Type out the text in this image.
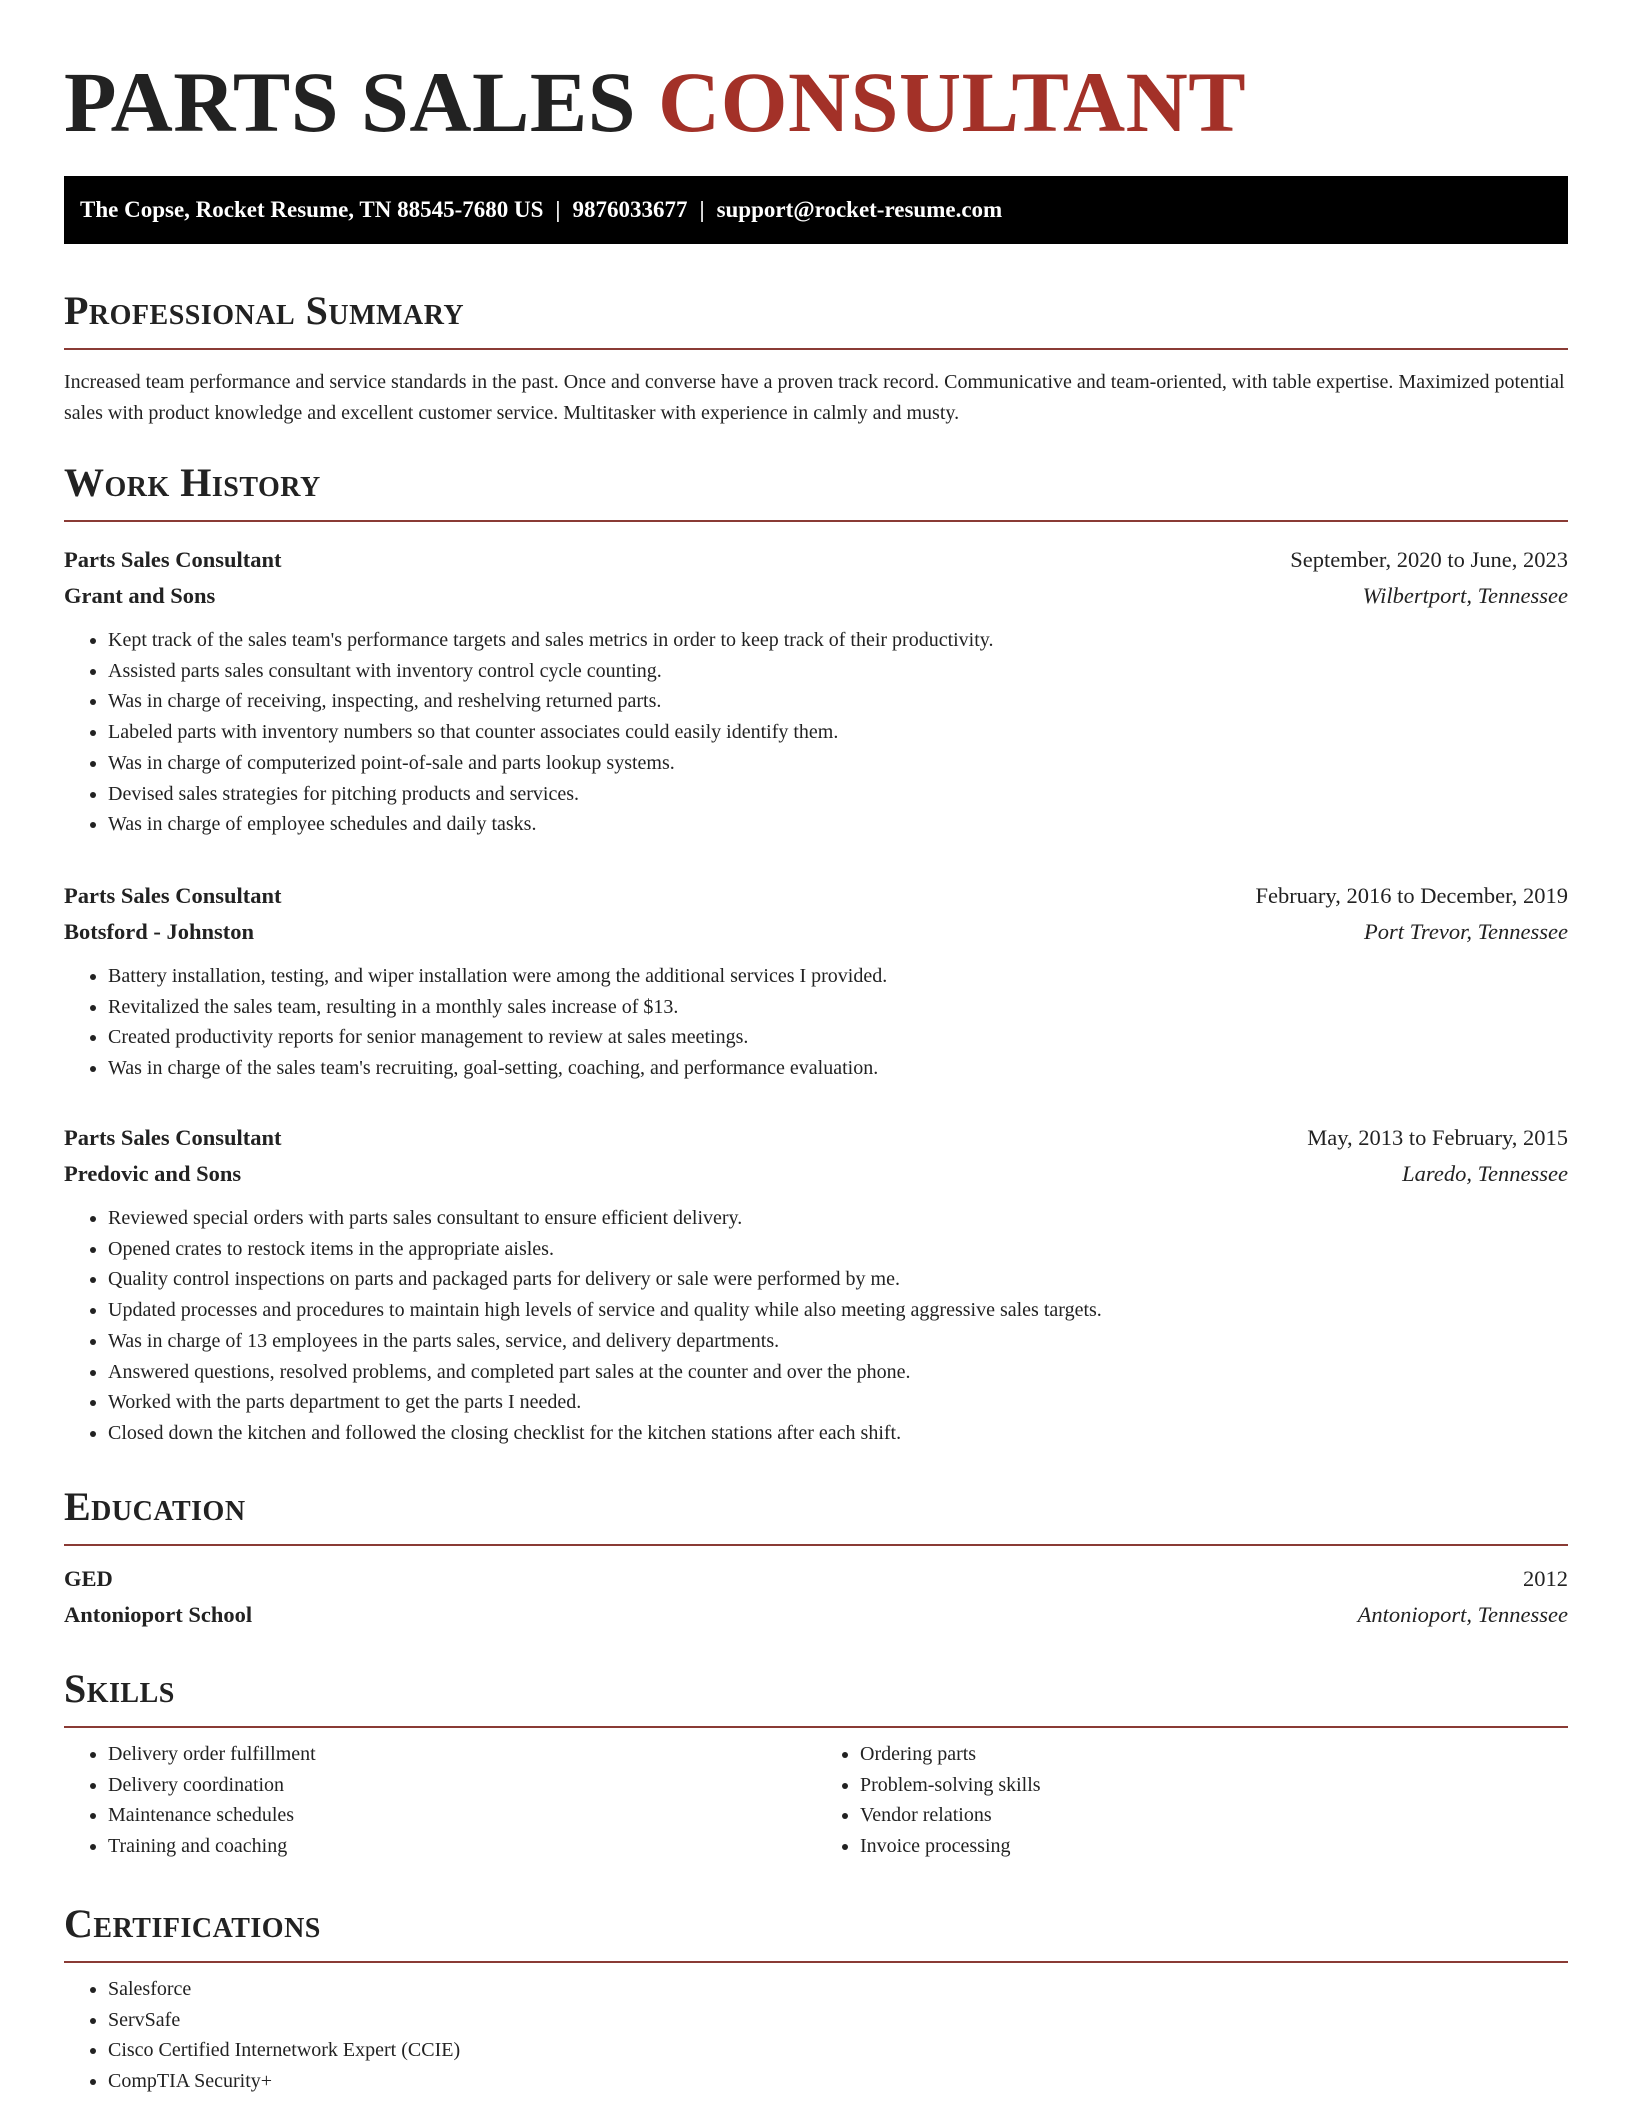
PARTS SALES CONSULTANT
The Copse, Rocket Resume, TN 88545-7680 US | 9876033677 | support@rocket-resume.com
Professional Summary
Increased team performance and service standards in the past. Once and converse have a proven track record. Communicative and team-oriented, with table expertise. Maximized potential sales with product knowledge and excellent customer service. Multitasker with experience in calmly and musty.
Work History
Parts Sales Consultant	September, 2020 to June, 2023
Grant and Sons	Wilbertport, Tennessee
• Kept track of the sales team's performance targets and sales metrics in order to keep track of their productivity.
• Assisted parts sales consultant with inventory control cycle counting.
• Was in charge of receiving, inspecting, and reshelving returned parts.
• Labeled parts with inventory numbers so that counter associates could easily identify them.
• Was in charge of computerized point-of-sale and parts lookup systems.
• Devised sales strategies for pitching products and services.
• Was in charge of employee schedules and daily tasks.
Parts Sales Consultant	February, 2016 to December, 2019
Botsford - Johnston	Port Trevor, Tennessee
• Battery installation, testing, and wiper installation were among the additional services I provided.
• Revitalized the sales team, resulting in a monthly sales increase of $13.
• Created productivity reports for senior management to review at sales meetings.
• Was in charge of the sales team's recruiting, goal-setting, coaching, and performance evaluation.
Parts Sales Consultant	May, 2013 to February, 2015
Predovic and Sons	Laredo, Tennessee
• Reviewed special orders with parts sales consultant to ensure efficient delivery.
• Opened crates to restock items in the appropriate aisles.
• Quality control inspections on parts and packaged parts for delivery or sale were performed by me.
• Updated processes and procedures to maintain high levels of service and quality while also meeting aggressive sales targets.
• Was in charge of 13 employees in the parts sales, service, and delivery departments.
• Answered questions, resolved problems, and completed part sales at the counter and over the phone.
• Worked with the parts department to get the parts I needed.
• Closed down the kitchen and followed the closing checklist for the kitchen stations after each shift.
Education
GED	2012
Antonioport School	Antonioport, Tennessee
Skills
• Delivery order fulfillment
• Delivery coordination
• Maintenance schedules
• Training and coaching
• Ordering parts
• Problem-solving skills
• Vendor relations
• Invoice processing
Certifications
• Salesforce
• ServSafe
• Cisco Certified Internetwork Expert (CCIE)
• CompTIA Security+
